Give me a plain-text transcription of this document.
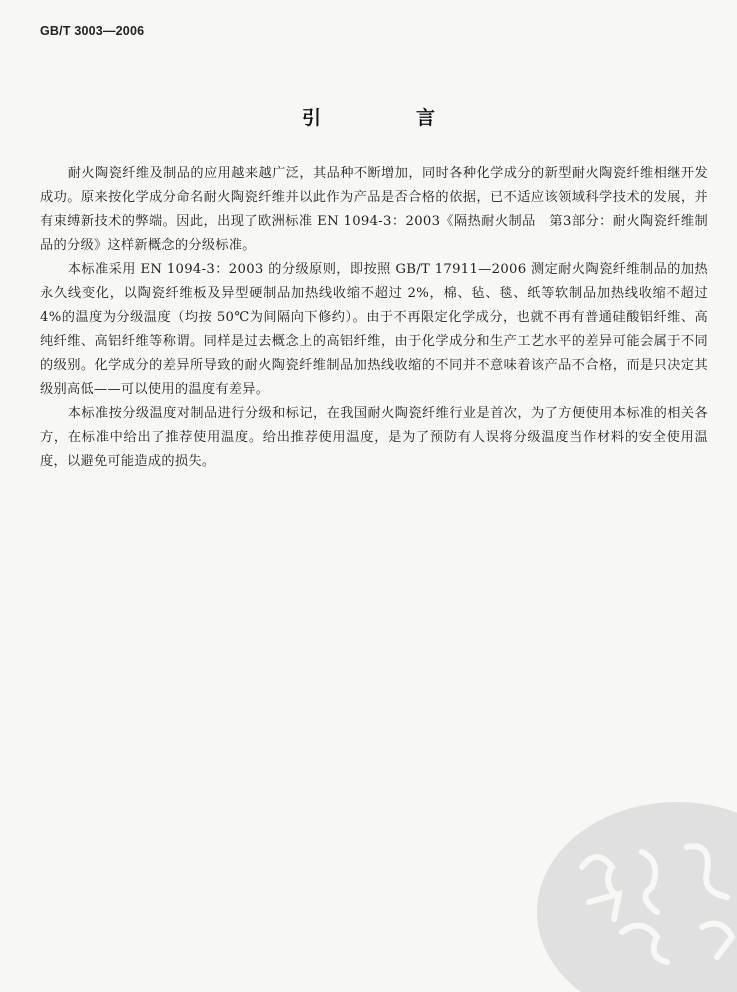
GB/T 3003—2006
引　言

耐火陶瓷纤维及制品的应用越来越广泛，其品种不断增加，同时各种化学成分的新型耐火陶瓷纤维相继开发成功。原来按化学成分命名耐火陶瓷纤维并以此作为产品是否合格的依据，已不适应该领域科学技术的发展，并有束缚新技术的弊端。因此，出现了欧洲标准 EN 1094-3：2003《隔热耐火制品　第3部分：耐火陶瓷纤维制品的分级》这样新概念的分级标准。

本标准采用 EN 1094-3：2003 的分级原则，即按照 GB/T 17911—2006 测定耐火陶瓷纤维制品的加热永久线变化，以陶瓷纤维板及异型硬制品加热线收缩不超过 2%，棉、毡、毯、纸等软制品加热线收缩不超过 4%的温度为分级温度（均按 50℃为间隔向下修约）。由于不再限定化学成分，也就不再有普通硅酸铝纤维、高纯纤维、高铝纤维等称谓。同样是过去概念上的高铝纤维，由于化学成分和生产工艺水平的差异可能会属于不同的级别。化学成分的差异所导致的耐火陶瓷纤维制品加热线收缩的不同并不意味着该产品不合格，而是只决定其级别高低——可以使用的温度有差异。

本标准按分级温度对制品进行分级和标记，在我国耐火陶瓷纤维行业是首次，为了方便使用本标准的相关各方，在标准中给出了推荐使用温度。给出推荐使用温度，是为了预防有人误将分级温度当作材料的安全使用温度，以避免可能造成的损失。
